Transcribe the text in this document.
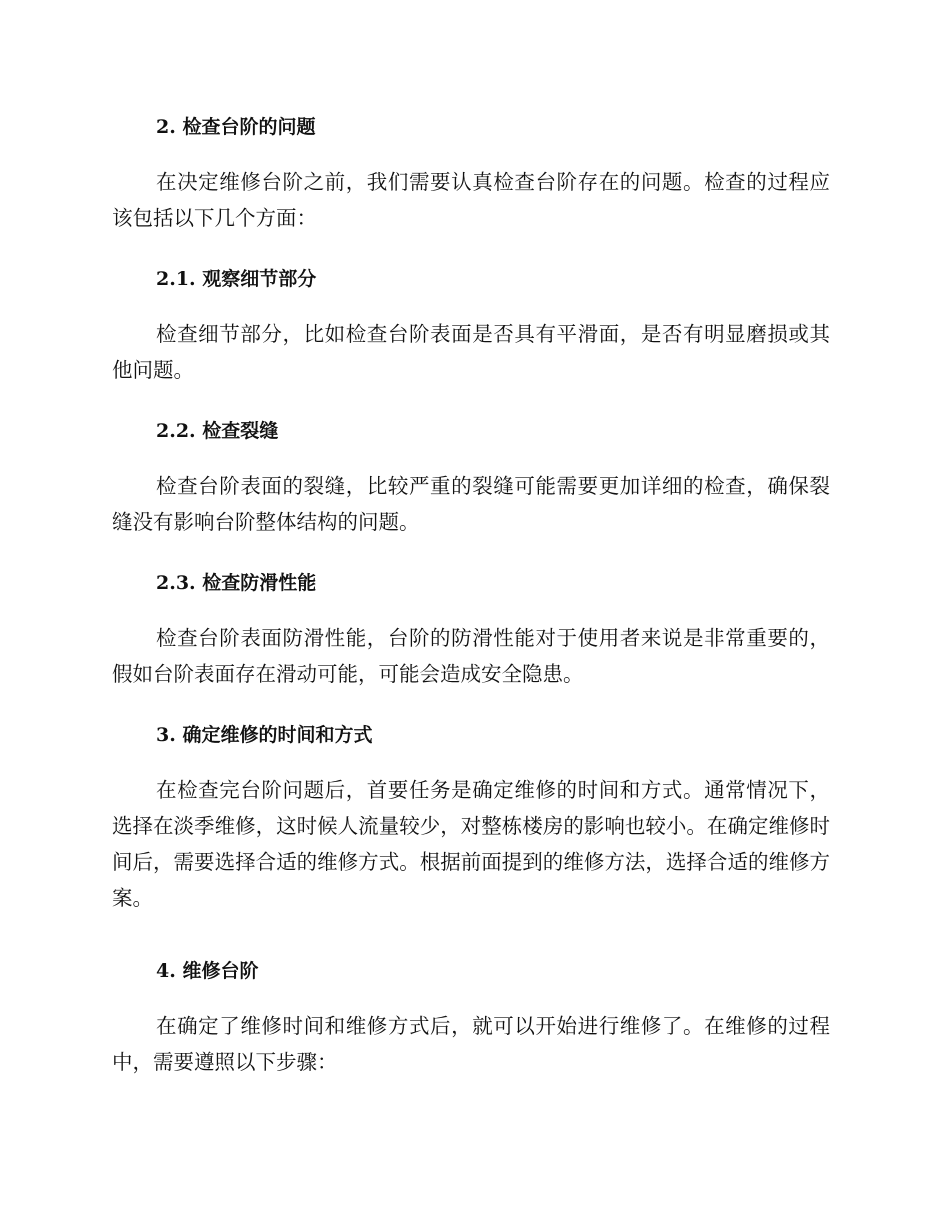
2. 检查台阶的问题
在决定维修台阶之前，我们需要认真检查台阶存在的问题。检查的过程应该包括以下几个方面：
2.1. 观察细节部分
检查细节部分，比如检查台阶表面是否具有平滑面，是否有明显磨损或其他问题。
2.2. 检查裂缝
检查台阶表面的裂缝，比较严重的裂缝可能需要更加详细的检查，确保裂缝没有影响台阶整体结构的问题。
2.3. 检查防滑性能
检查台阶表面防滑性能，台阶的防滑性能对于使用者来说是非常重要的，假如台阶表面存在滑动可能，可能会造成安全隐患。
3. 确定维修的时间和方式
在检查完台阶问题后，首要任务是确定维修的时间和方式。通常情况下，选择在淡季维修，这时候人流量较少，对整栋楼房的影响也较小。在确定维修时间后，需要选择合适的维修方式。根据前面提到的维修方法，选择合适的维修方案。
4. 维修台阶
在确定了维修时间和维修方式后，就可以开始进行维修了。在维修的过程中，需要遵照以下步骤：
